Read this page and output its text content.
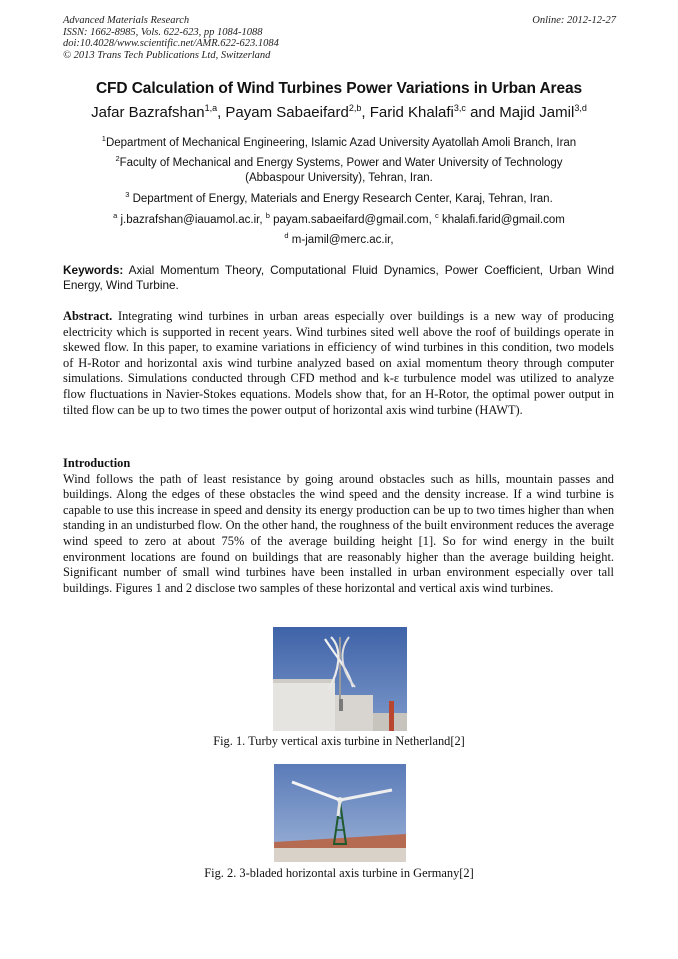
Advanced Materials Research
ISSN: 1662-8985, Vols. 622-623, pp 1084-1088
doi:10.4028/www.scientific.net/AMR.622-623.1084
© 2013 Trans Tech Publications Ltd, Switzerland
Online: 2012-12-27
CFD Calculation of Wind Turbines Power Variations in Urban Areas
Jafar Bazrafshan$^{1,a}$, Payam Sabaeifard$^{2,b}$, Farid Khalafi$^{3,c}$ and Majid Jamil$^{3,d}$
$^1$Department of Mechanical Engineering, Islamic Azad University Ayatollah Amoli Branch, Iran
$^2$Faculty of Mechanical and Energy Systems, Power and Water University of Technology
(Abbaspour University), Tehran, Iran.
$^3$ Department of Energy, Materials and Energy Research Center, Karaj, Tehran, Iran.
$^a$ j.bazrafshan@iauamol.ac.ir, $^b$ payam.sabaeifard@gmail.com, $^c$ khalafi.farid@gmail.com
$^d$ m-jamil@merc.ac.ir,
Keywords: Axial Momentum Theory, Computational Fluid Dynamics, Power Coefficient, Urban Wind Energy, Wind Turbine.
Abstract. Integrating wind turbines in urban areas especially over buildings is a new way of producing electricity which is supported in recent years. Wind turbines sited well above the roof of buildings operate in skewed flow. In this paper, to examine variations in efficiency of wind turbines in this condition, two models of H-Rotor and horizontal axis wind turbine analyzed based on axial momentum theory through computer simulations. Simulations conducted through CFD method and k-ε turbulence model was utilized to analyze flow fluctuations in Navier-Stokes equations. Models show that, for an H-Rotor, the optimal power output in tilted flow can be up to two times the power output of horizontal axis wind turbine (HAWT).
Introduction
Wind follows the path of least resistance by going around obstacles such as hills, mountain passes and buildings. Along the edges of these obstacles the wind speed and the density increase. If a wind turbine is capable to use this increase in speed and density its energy production can be up to two times higher than when standing in an undisturbed flow. On the other hand, the roughness of the built environment reduces the average wind speed to zero at about 75% of the average building height [1]. So for wind energy in the built environment locations are found on buildings that are reasonably higher than the average building height. Significant number of small wind turbines have been installed in urban environment especially over tall buildings. Figures 1 and 2 disclose two samples of these horizontal and vertical axis wind turbines.
Fig. 1. Turby vertical axis turbine in Netherland[2]
Fig. 2. 3-bladed horizontal axis turbine in Germany[2]
